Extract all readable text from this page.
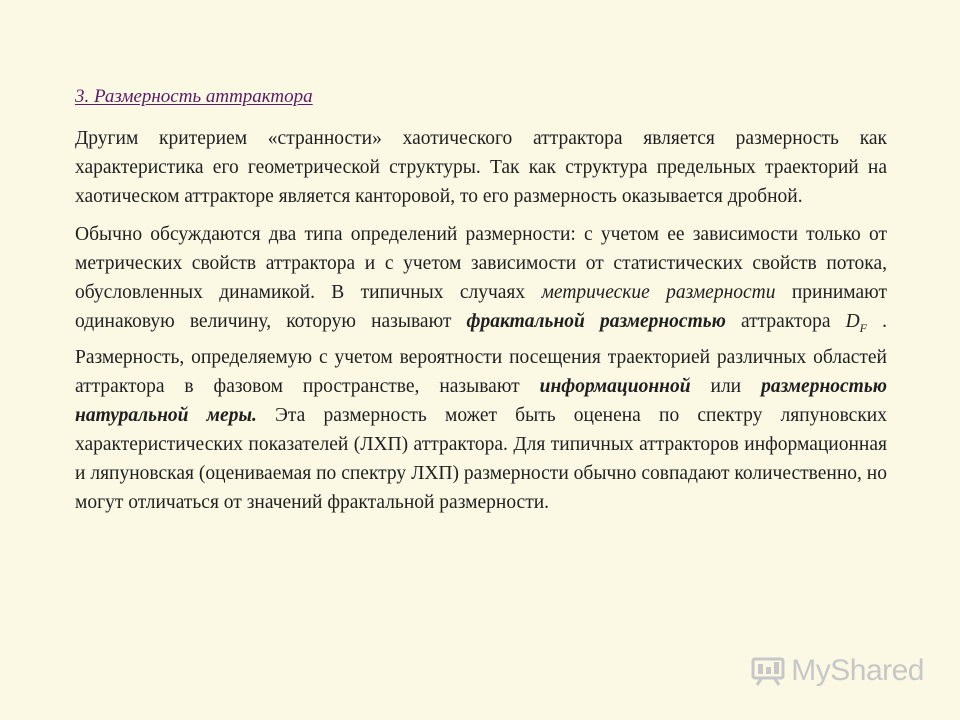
3. Размерность аттрактора

Другим критерием «странности» хаотического аттрактора является размерность как характеристика его геометрической структуры. Так как структура предельных траекторий на хаотическом аттракторе является канторовой, то его размерность оказывается дробной.

Обычно обсуждаются два типа определений размерности: с учетом ее зависимости только от метрических свойств аттрактора и с учетом зависимости от статистических свойств потока, обусловленных динамикой. В типичных случаях метрические размерности принимают одинаковую величину, которую называют фрактальной размерностью аттрактора $D_F$ . Размерность, определяемую с учетом вероятности посещения траекторией различных областей аттрактора в фазовом пространстве, называют информационной или размерностью натуральной меры. Эта размерность может быть оценена по спектру ляпуновских характеристических показателей (ЛХП) аттрактора. Для типичных аттракторов информационная и ляпуновская (оцениваемая по спектру ЛХП) размерности обычно совпадают количественно, но могут отличаться от значений фрактальной размерности.

MyShared
